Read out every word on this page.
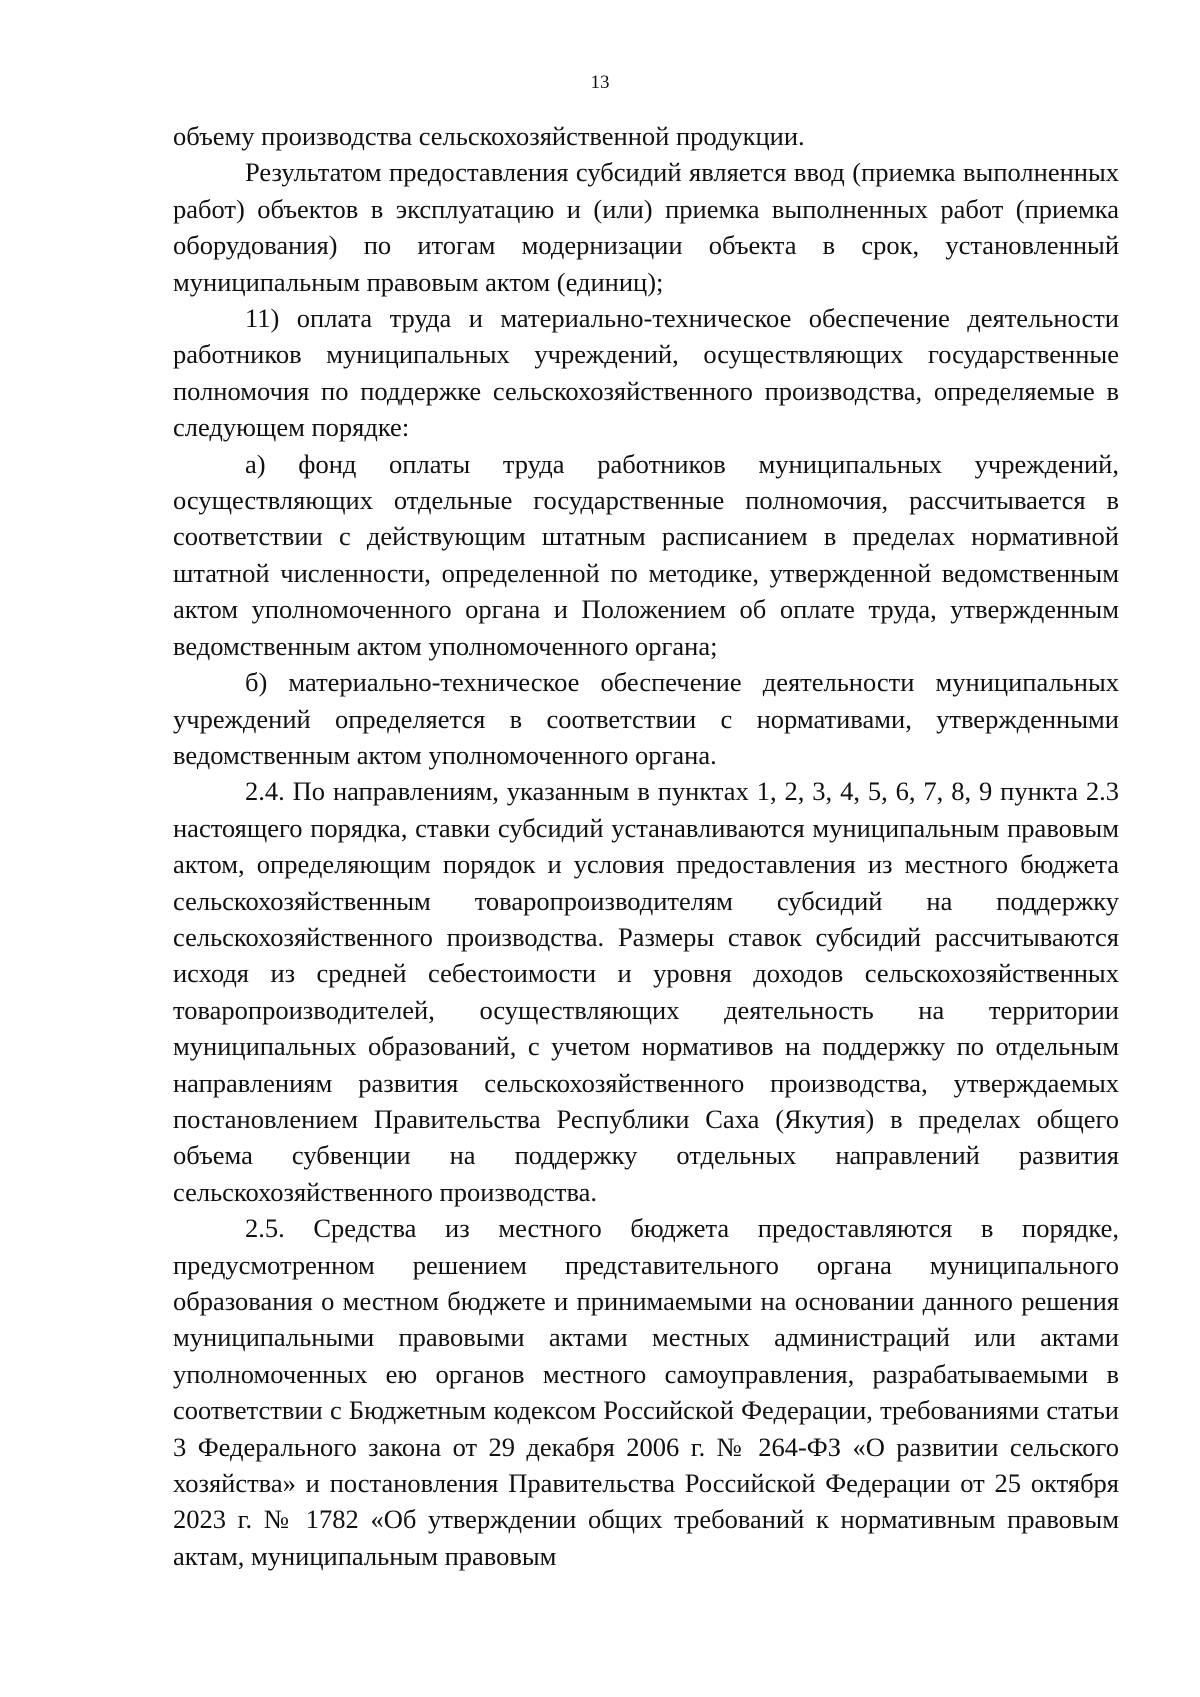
13

объему производства сельскохозяйственной продукции.

Результатом предоставления субсидий является ввод (приемка выполненных работ) объектов в эксплуатацию и (или) приемка выполненных работ (приемка оборудования) по итогам модернизации объекта в срок, установленный муниципальным правовым актом (единиц);

11) оплата труда и материально-техническое обеспечение деятельности работников муниципальных учреждений, осуществляющих государственные полномочия по поддержке сельскохозяйственного производства, определяемые в следующем порядке:

а) фонд оплаты труда работников муниципальных учреждений, осуществляющих отдельные государственные полномочия, рассчитывается в соответствии с действующим штатным расписанием в пределах нормативной штатной численности, определенной по методике, утвержденной ведомственным актом уполномоченного органа и Положением об оплате труда, утвержденным ведомственным актом уполномоченного органа;

б) материально-техническое обеспечение деятельности муниципальных учреждений определяется в соответствии с нормативами, утвержденными ведомственным актом уполномоченного органа.

2.4. По направлениям, указанным в пунктах 1, 2, 3, 4, 5, 6, 7, 8, 9 пункта 2.3 настоящего порядка, ставки субсидий устанавливаются муниципальным правовым актом, определяющим порядок и условия предоставления из местного бюджета сельскохозяйственным товаропроизводителям субсидий на поддержку сельскохозяйственного производства. Размеры ставок субсидий рассчитываются исходя из средней себестоимости и уровня доходов сельскохозяйственных товаропроизводителей, осуществляющих деятельность на территории муниципальных образований, с учетом нормативов на поддержку по отдельным направлениям развития сельскохозяйственного производства, утверждаемых постановлением Правительства Республики Саха (Якутия) в пределах общего объема субвенции на поддержку отдельных направлений развития сельскохозяйственного производства.

2.5. Средства из местного бюджета предоставляются в порядке, предусмотренном решением представительного органа муниципального образования о местном бюджете и принимаемыми на основании данного решения муниципальными правовыми актами местных администраций или актами уполномоченных ею органов местного самоуправления, разрабатываемыми в соответствии с Бюджетным кодексом Российской Федерации, требованиями статьи 3 Федерального закона от 29 декабря 2006 г. № 264-ФЗ «О развитии сельского хозяйства» и постановления Правительства Российской Федерации от 25 октября 2023 г. № 1782 «Об утверждении общих требований к нормативным правовым актам, муниципальным правовым
